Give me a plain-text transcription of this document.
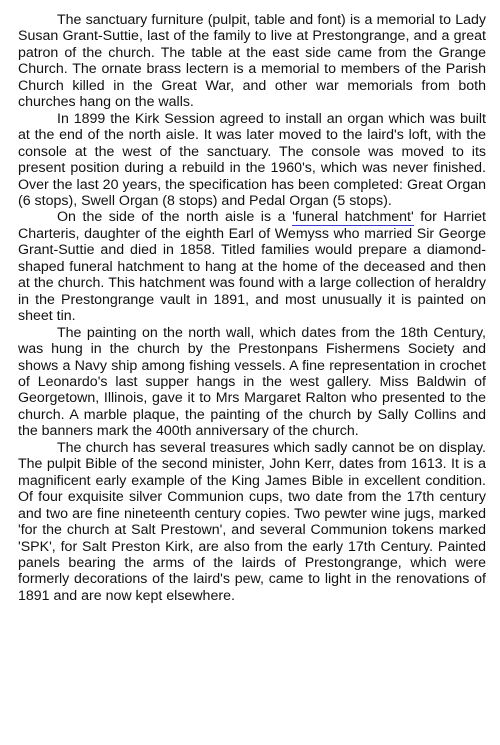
The sanctuary furniture (pulpit, table and font) is a memorial to Lady Susan Grant-Suttie, last of the family to live at Prestongrange, and a great patron of the church. The table at the east side came from the Grange Church. The ornate brass lectern is a memorial to members of the Parish Church killed in the Great War, and other war memorials from both churches hang on the walls.

In 1899 the Kirk Session agreed to install an organ which was built at the end of the north aisle. It was later moved to the laird's loft, with the console at the west of the sanctuary. The console was moved to its present position during a rebuild in the 1960's, which was never finished. Over the last 20 years, the specification has been completed: Great Organ (6 stops), Swell Organ (8 stops) and Pedal Organ (5 stops).

On the side of the north aisle is a 'funeral hatchment' for Harriet Charteris, daughter of the eighth Earl of Wemyss who married Sir George Grant-Suttie and died in 1858. Titled families would prepare a diamond-shaped funeral hatchment to hang at the home of the deceased and then at the church. This hatchment was found with a large collection of heraldry in the Prestongrange vault in 1891, and most unusually it is painted on sheet tin.

The painting on the north wall, which dates from the 18th Century, was hung in the church by the Prestonpans Fishermens Society and shows a Navy ship among fishing vessels. A fine representation in crochet of Leonardo's last supper hangs in the west gallery. Miss Baldwin of Georgetown, Illinois, gave it to Mrs Margaret Ralton who presented to the church. A marble plaque, the painting of the church by Sally Collins and the banners mark the 400th anniversary of the church.

The church has several treasures which sadly cannot be on display. The pulpit Bible of the second minister, John Kerr, dates from 1613. It is a magnificent early example of the King James Bible in excellent condition. Of four exquisite silver Communion cups, two date from the 17th century and two are fine nineteenth century copies. Two pewter wine jugs, marked 'for the church at Salt Prestown', and several Communion tokens marked 'SPK', for Salt Preston Kirk, are also from the early 17th Century. Painted panels bearing the arms of the lairds of Prestongrange, which were formerly decorations of the laird's pew, came to light in the renovations of 1891 and are now kept elsewhere.
